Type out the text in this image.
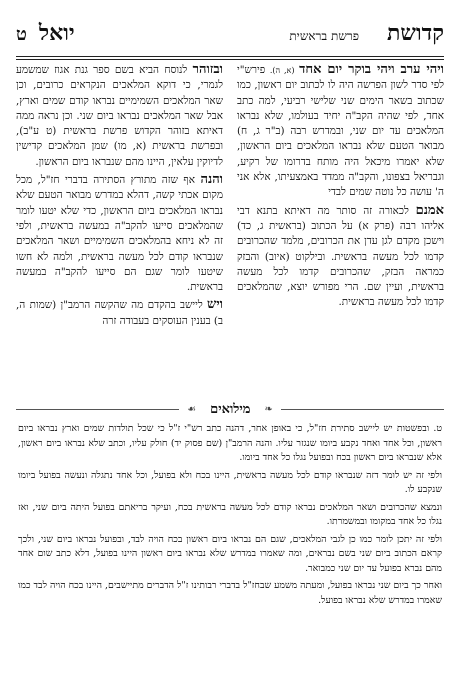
קדושת
פרשת בראשית
יואל
ט

ויהי ערב ויהי בוקר יום אחד (א, ה). פירש"י לפי סדר לשון הפרשה היה לו לכתוב יום ראשון, כמו שכתוב בשאר הימים שני שלישי רביעי, למה כתב אחד, לפי שהיה הקב"ה יחיד בעולמו, שלא נבראו המלאכים עד יום שני, ובמדרש רבה (ב"ר ג, ח) מבואר הטעם שלא נבראו המלאכים ביום הראשון, שלא יאמרו מיכאל היה מותח בדרומו של רקיע, וגבריאל בצפונו, והקב"ה ממדד באמצעיתו, אלא אני ה' עושה כל נוטה שמים לבדי

אמנם לכאורה זה סותר מה דאיתא בתנא דבי אליהו רבה (פרק א) על הכתוב (בראשית ג, כד) וישכן מקדם לגן עדן את הכרובים, מלמד שהכרובים קדמו לכל מעשה בראשית. ובילקוט (איוב) והבזק כמראה הבזק, שהכרובים קדמו לכל מעשה בראשית, ועיין שם. הרי מפורש יוצא, שהמלאכים קדמו לכל מעשה בראשית.

ובזוהר לנוסח הביא בשם ספר גנת אגוז שמשמע לגמרי, כי דוקא המלאכים הנקראים כרובים, וכן שאר המלאכים השמימיים נבראו קודם שמים וארץ, אבל שאר המלאכים נבראו ביום שני. וכן נראה ממה דאיתא בזוהר הקדוש פרשת בראשית (ט ע"ב), ובפרשת בראשית (א, מו) שמן המלאכים קדישין לדיוקין עלאין, היינו מהם שנבראו ביום הראשון.

והנה אף שזה מתורץ הסתירה בדברי חז"ל, מכל מקום אכתי קשה, דהלא במדרש מבואר הטעם שלא נבראו המלאכים ביום הראשון, כדי שלא יטעו לומר שהמלאכים סייעו להקב"ה במעשה בראשית, ולפי זה לא ניחא בהמלאכים השמימיים ושאר המלאכים שנבראו קודם לכל מעשה בראשית, ולמה לא חשו שיטעו לומר שגם הם סייעו להקב"ה במעשה בראשית.

ויש ליישב בהקדם מה שהקשה הרמב"ן (שמות ה, ב) בענין העוסקים בעבודה זרה

❧
מילואים
☙

ט. ובפשטות יש ליישב סתירת חז"ל, כי באופן אחר, דהנה כתב רש"י ז"ל כי שכל תולדות שמים וארץ נבראו ביום ראשון, וכל אחד ואחד נקבע ביומו שנגזר עליו. והנה הרמב"ן (שם פסוק יד) חולק עליו, וכתב שלא נבראו ביום ראשון, אלא שנבראו ביום ראשון בכח ובפועל נגלו כל אחד ביומו.

ולפי זה יש לומר דזה שנבראו קודם לכל מעשה בראשית, היינו בכח ולא בפועל, וכל אחד נתגלה ונעשה בפועל ביומו שנקבע לו.

ונמצא שהכרובים ושאר המלאכים נבראו קודם לכל מעשה בראשית בכח, ועיקר בריאתם בפועל היתה ביום שני, ואז נגלו כל אחד במקומו ובמשמרתו.

ולפי זה יתכן לומר כמו כן לגבי המלאכים, שגם הם נבראו ביום ראשון בכח הויה לבד, ובפועל נבראו ביום שני, ולכך קראם הכתוב ביום שני בשם נבראים, ומה שאמרו במדרש שלא נבראו ביום ראשון היינו בפועל, דלא כתב שום אחד מהם נברא בפועל עד יום שני כמבואר.

ואחר כך ביום שני נבראו בפועל, ומעתה משמע שבחז"ל בדברי רבותינו ז"ל הדברים מתיישבים, היינו בכח הויה לבד כמו שאמרו במדרש שלא נבראו בפועל.
